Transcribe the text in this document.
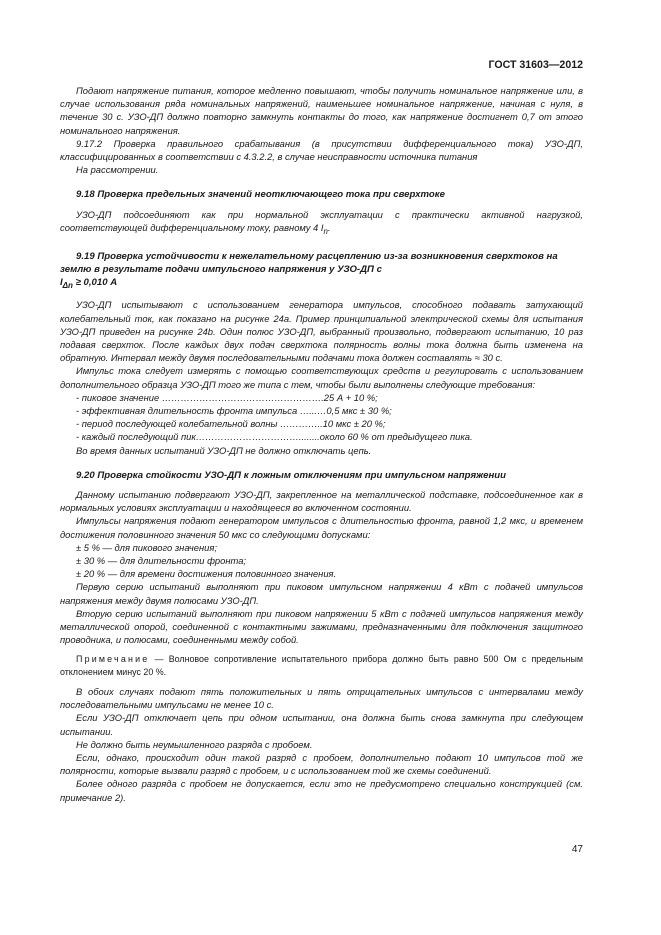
ГОСТ 31603—2012

Подают напряжение питания, которое медленно повышают, чтобы получить номинальное напряжение или, в случае использования ряда номинальных напряжений, наименьшее номинальное напряжение, начиная с нуля, в течение 30 с. УЗО-ДП должно повторно замкнуть контакты до того, как напряжение достигнет 0,7 от этого номинального напряжения.

9.17.2 Проверка правильного срабатывания (в присутствии дифференциального тока) УЗО-ДП, классифицированных в соответствии с 4.3.2.2, в случае неисправности источника питания

На рассмотрении.

9.18 Проверка предельных значений неотключающего тока при сверхтоке

УЗО-ДП подсоединяют как при нормальной эксплуатации с практически активной нагрузкой, соответствующей дифференциальному току, равному 4 $I_n$.

9.19 Проверка устойчивости к нежелательному расцеплению из-за возникновения сверхтоков на землю в результате подачи импульсного напряжения у УЗО-ДП с
$I_{\Delta n} \ge 0,010$ А

УЗО-ДП испытывают с использованием генератора импульсов, способного подавать затухающий колебательный ток, как показано на рисунке 24а. Пример принципиальной электрической схемы для испытания УЗО-ДП приведен на рисунке 24b. Один полюс УЗО-ДП, выбранный произвольно, подвергают испытанию, 10 раз подавая сверхток. После каждых двух подач сверхтока полярность волны тока должна быть изменена на обратную. Интервал между двумя последовательными подачами тока должен составлять ≈ 30 с.

Импульс тока следует измерять с помощью соответствующих средств и регулировать с использованием дополнительного образца УЗО-ДП того же типа с тем, чтобы были выполнены следующие требования:

- пиковое значение …………………………………………….25 А + 10 %;

- эффективная длительность фронта импульса …...…0,5 мкс ± 30 %;

- период последующей колебательной волны …………..10 мкс ± 20 %;

- каждый последующий пик……………………………........около 60 % от предыдущего пика.

Во время данных испытаний УЗО-ДП не должно отключать цепь.

9.20 Проверка стойкости УЗО-ДП к ложным отключениям при импульсном напряжении

Данному испытанию подвергают УЗО-ДП, закрепленное на металлической подставке, подсоединенное как в нормальных условиях эксплуатации и находящееся во включенном состоянии.

Импульсы напряжения подают генератором импульсов с длительностью фронта, равной 1,2 мкс, и временем достижения половинного значения 50 мкс со следующими допусками:

± 5 % — для пикового значения;

± 30 % — для длительности фронта;

± 20 % — для времени достижения половинного значения.

Первую серию испытаний выполняют при пиковом импульсном напряжении 4 кВт с подачей импульсов напряжения между двумя полюсами УЗО-ДП.

Вторую серию испытаний выполняют при пиковом напряжении 5 кВт с подачей импульсов напряжения между металлической опорой, соединенной с контактными зажимами, предназначенными для подключения защитного проводника, и полюсами, соединенными между собой.

Примечание — Волновое сопротивление испытательного прибора должно быть равно 500 Ом с предельным отклонением минус 20 %.

В обоих случаях подают пять положительных и пять отрицательных импульсов с интервалами между последовательными импульсами не менее 10 с.

Если УЗО-ДП отключает цепь при одном испытании, она должна быть снова замкнута при следующем испытании.

Не должно быть неумышленного разряда с пробоем.

Если, однако, происходит один такой разряд с пробоем, дополнительно подают 10 импульсов той же полярности, которые вызвали разряд с пробоем, и с использованием той же схемы соединений.

Более одного разряда с пробоем не допускается, если это не предусмотрено специально конструкцией (см. примечание 2).

47
